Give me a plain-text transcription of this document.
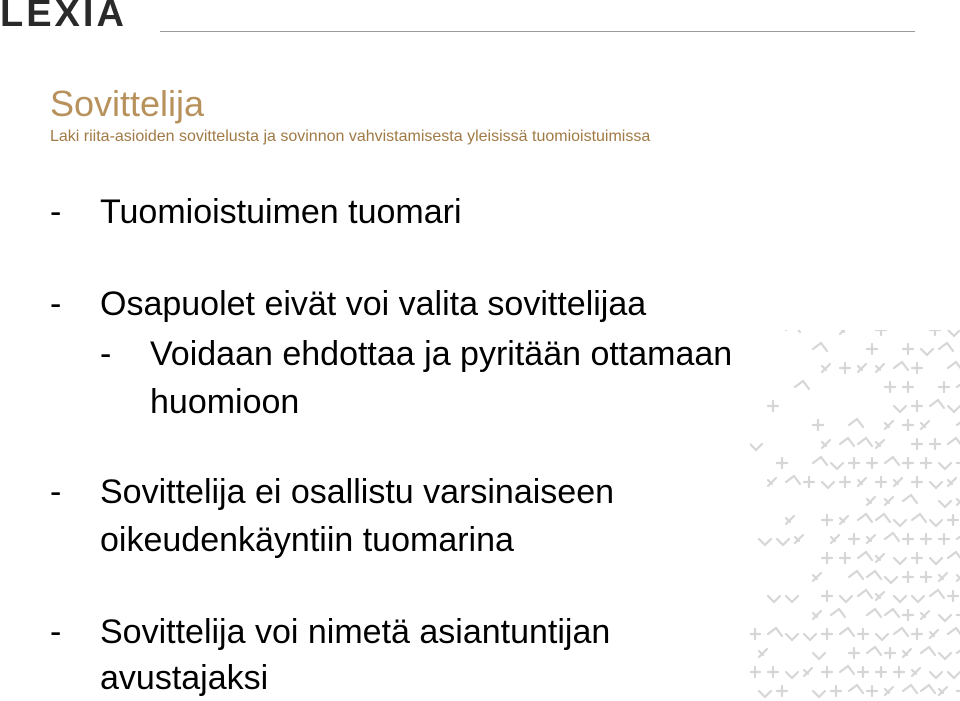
LEXIA
Sovittelija
Laki riita-asioiden sovittelusta ja sovinnon vahvistamisesta yleisissä tuomioistuimissa
- Tuomioistuimen tuomari
- Osapuolet eivät voi valita sovittelijaa
- Voidaan ehdottaa ja pyritään ottamaan
huomioon
- Sovittelija ei osallistu varsinaiseen
oikeudenkäyntiin tuomarina
- Sovittelija voi nimetä asiantuntijan
avustajaksi
